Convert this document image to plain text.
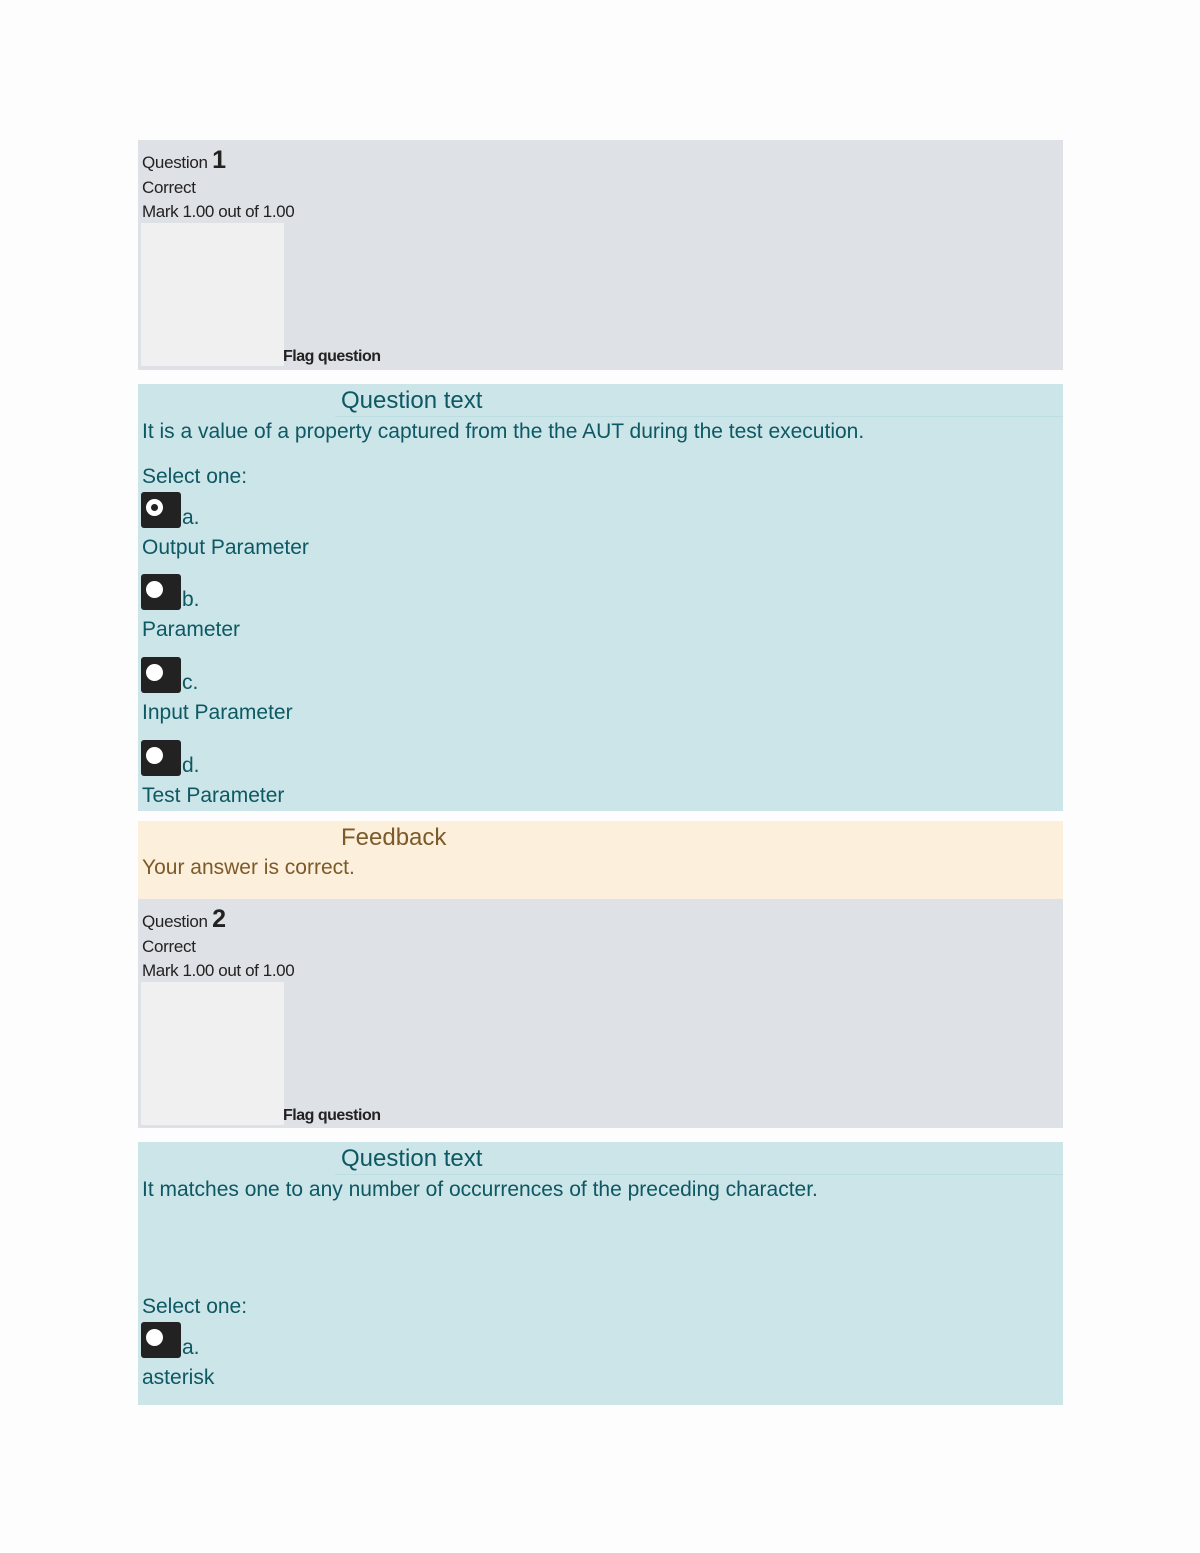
Question 1
Correct
Mark 1.00 out of 1.00
Flag question
Question text
It is a value of a property captured from the the AUT during the test execution.
Select one:
a.
Output Parameter
b.
Parameter
c.
Input Parameter
d.
Test Parameter
Feedback
Your answer is correct.
Question 2
Correct
Mark 1.00 out of 1.00
Flag question
Question text
It matches one to any number of occurrences of the preceding character.
Select one:
a.
asterisk
